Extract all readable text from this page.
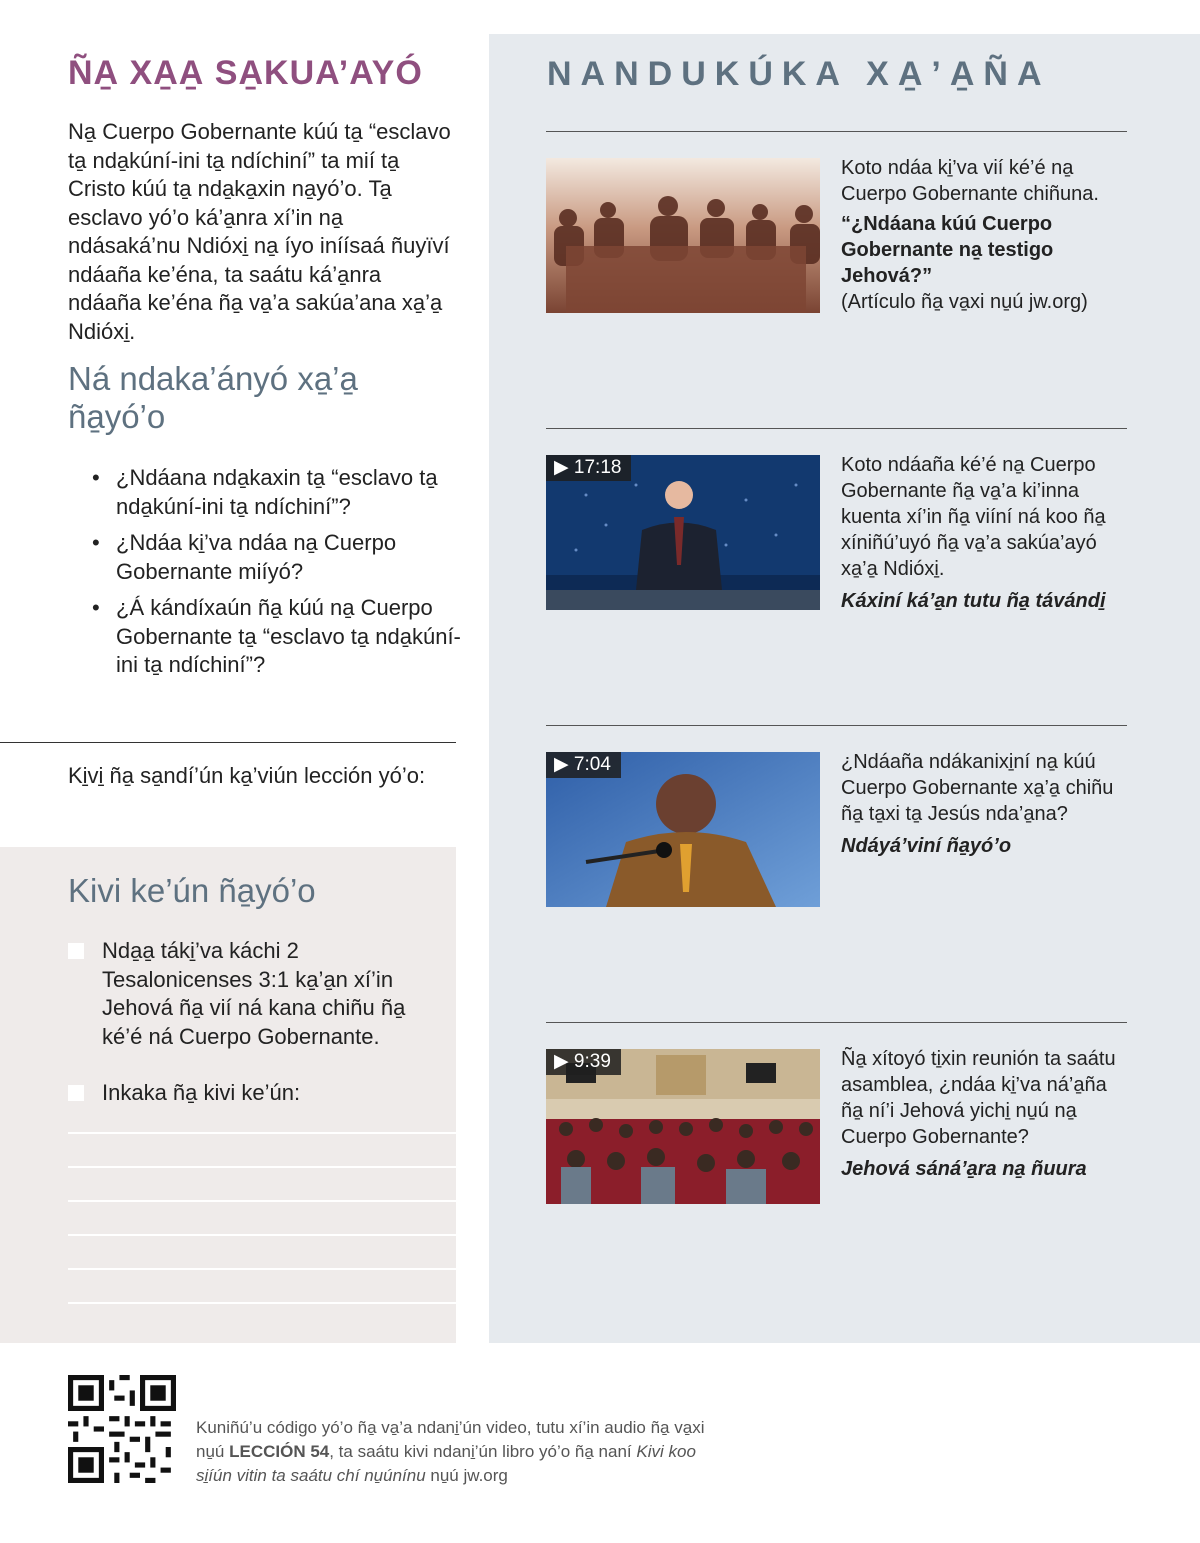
ÑA̱ XA̱A̱ SA̱KUA’AYÓ

Na̱ Cuerpo Gobernante kúú ta̱ “esclavo ta̱ nda̱kúní-ini ta̱ ndíchiní” ta mií ta̱ Cristo kúú ta̱ nda̱ka̱xin na̱yó’o. Ta̱ esclavo yó’o ká’a̱nra xí’in na̱ ndásaká’nu Ndióxi̱ na̱ íyo iníísaá ñuyïví ndáaña ke’éna, ta saátu ká’a̱nra ndáaña ke’éna ña̱ va̱’a sakúa’ana xa̱’a̱ Ndióxi̱.

Ná ndaka’ányó xa̱’a̱ ña̱yó’o
• ¿Ndáana nda̱kaxin ta̱ “esclavo ta̱ nda̱kúní-ini ta̱ ndíchiní”?
• ¿Ndáa ki̱’va ndáa na̱ Cuerpo Gobernante miíyó?
• ¿Á kándíxaún ña̱ kúú na̱ Cuerpo Gobernante ta̱ “esclavo ta̱ nda̱kúní-ini ta̱ ndíchiní”?

Ki̱vi̱ ña̱ sa̱ndí’ún ka̱’viún lección yó’o:

Kivi ke’ún ña̱yó’o
Nda̱a̱ táki̱’va káchi 2 Tesalonicenses 3:1 ka̱’a̱n xí’in Jehová ña̱ vií ná kana chiñu ña̱ ké’é ná Cuerpo Gobernante.
Inkaka ña̱ kivi ke’ún:
NANDUKÚKA XA̱’A̱ÑA
Koto ndáa ki̱’va vií ké’é na̱ Cuerpo Gobernante chiñuna.
“¿Ndáana kúú Cuerpo Gobernante na̱ testigo Jehová?”
(Artículo ña̱ va̱xi nu̱ú jw.org)
▶ 17:18	Koto ndáaña ké’é na̱ Cuerpo Gobernante ña̱ va̱’a ki’inna kuenta xí’in ña̱ viíní ná koo ña̱ xíniñú’uyó ña̱ va̱’a sakúa’ayó xa̱’a̱ Ndióxi̱.
Káxiní ká’a̱n tutu ña̱ távándi̱
▶ 7:04	¿Ndáaña ndákanixi̱ní na̱ kúú Cuerpo Gobernante xa̱’a̱ chiñu ña̱ ta̱xi ta̱ Jesús nda’a̱na?
Ndáyá’viní ña̱yó’o
▶ 9:39	Ña̱ xítoyó ti̱xin reunión ta saátu asamblea, ¿ndáa ki̱’va ná’a̱ña ña̱ ní’i Jehová yichi̱ nu̱ú na̱ Cuerpo Gobernante?
Jehová sáná’a̱ra na̱ ñuura

Kuniñú’u código yó’o ña̱ va̱’a ndani̱’ún video, tutu xí’in audio ña̱ va̱xi nu̱ú LECCIÓN 54, ta saátu kivi ndani̱’ún libro yó’o ña̱ naní Kivi koo si̱íún vitin ta saátu chí nu̱únínu nu̱ú jw.org
